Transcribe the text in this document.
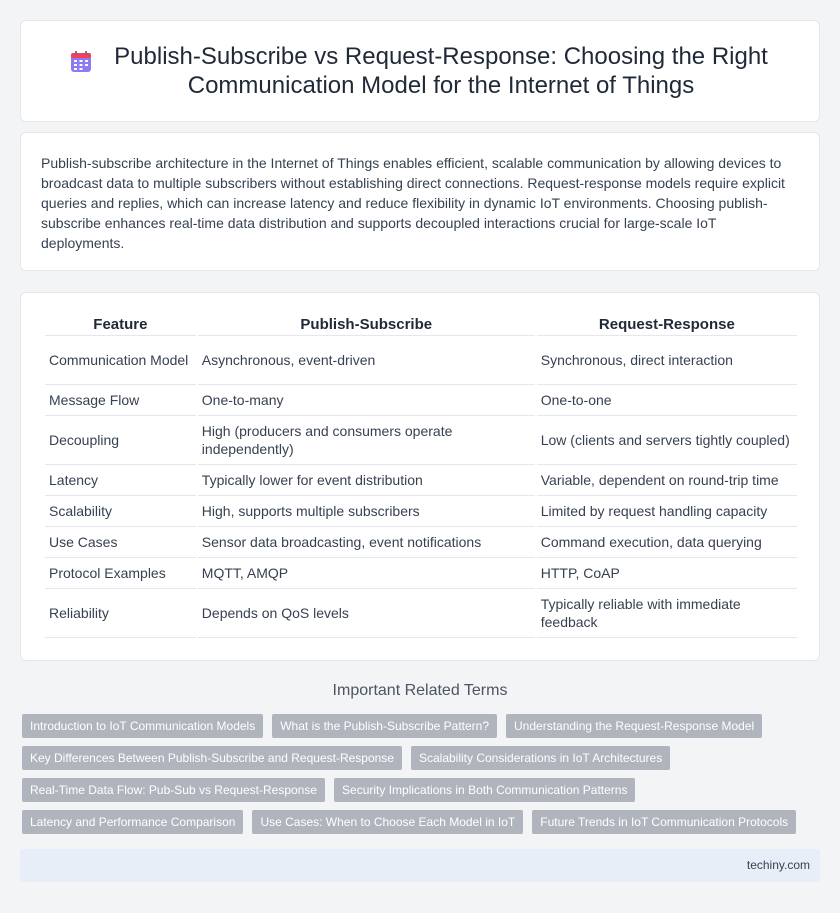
Publish-Subscribe vs Request-Response: Choosing the Right Communication Model for the Internet of Things

Publish-subscribe architecture in the Internet of Things enables efficient, scalable communication by allowing devices to broadcast data to multiple subscribers without establishing direct connections. Request-response models require explicit queries and replies, which can increase latency and reduce flexibility in dynamic IoT environments. Choosing publish-subscribe enhances real-time data distribution and supports decoupled interactions crucial for large-scale IoT deployments.

Feature	Publish-Subscribe	Request-Response
Communication Model	Asynchronous, event-driven	Synchronous, direct interaction
Message Flow	One-to-many	One-to-one
Decoupling	High (producers and consumers operate independently)	Low (clients and servers tightly coupled)
Latency	Typically lower for event distribution	Variable, dependent on round-trip time
Scalability	High, supports multiple subscribers	Limited by request handling capacity
Use Cases	Sensor data broadcasting, event notifications	Command execution, data querying
Protocol Examples	MQTT, AMQP	HTTP, CoAP
Reliability	Depends on QoS levels	Typically reliable with immediate feedback
Important Related Terms
Introduction to IoT Communication Models	What is the Publish-Subscribe Pattern?	Understanding the Request-Response Model
Key Differences Between Publish-Subscribe and Request-Response	Scalability Considerations in IoT Architectures
Real-Time Data Flow: Pub-Sub vs Request-Response	Security Implications in Both Communication Patterns
Latency and Performance Comparison	Use Cases: When to Choose Each Model in IoT	Future Trends in IoT Communication Protocols
techiny.com
